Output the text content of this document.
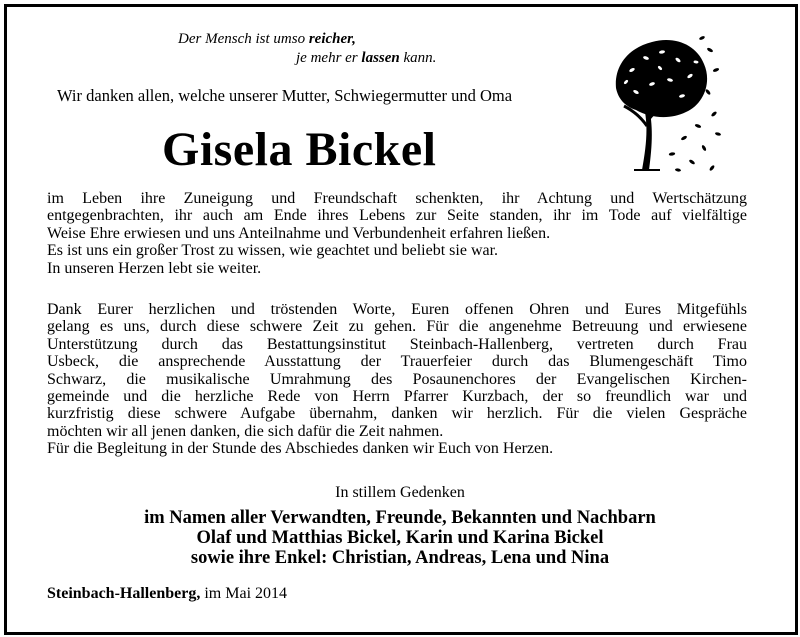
Der Mensch ist umso reicher,
je mehr er lassen kann.
Wir danken allen, welche unserer Mutter, Schwiegermutter und Oma
Gisela Bickel
im Leben ihre Zuneigung und Freundschaft schenkten, ihr Achtung und Wertschätzung
entgegenbrachten, ihr auch am Ende ihres Lebens zur Seite standen, ihr im Tode auf vielfältige
Weise Ehre erwiesen und uns Anteilnahme und Verbundenheit erfahren ließen.
Es ist uns ein großer Trost zu wissen, wie geachtet und beliebt sie war.
In unseren Herzen lebt sie weiter.
Dank Eurer herzlichen und tröstenden Worte, Euren offenen Ohren und Eures Mitgefühls
gelang es uns, durch diese schwere Zeit zu gehen. Für die angenehme Betreuung und erwiesene
Unterstützung durch das Bestattungsinstitut Steinbach-Hallenberg, vertreten durch Frau
Usbeck, die ansprechende Ausstattung der Trauerfeier durch das Blumengeschäft Timo
Schwarz, die musikalische Umrahmung des Posaunenchores der Evangelischen Kirchen-
gemeinde und die herzliche Rede von Herrn Pfarrer Kurzbach, der so freundlich war und
kurzfristig diese schwere Aufgabe übernahm, danken wir herzlich. Für die vielen Gespräche
möchten wir all jenen danken, die sich dafür die Zeit nahmen.
Für die Begleitung in der Stunde des Abschiedes danken wir Euch von Herzen.
In stillem Gedenken
im Namen aller Verwandten, Freunde, Bekannten und Nachbarn
Olaf und Matthias Bickel, Karin und Karina Bickel
sowie ihre Enkel: Christian, Andreas, Lena und Nina
Steinbach-Hallenberg, im Mai 2014
